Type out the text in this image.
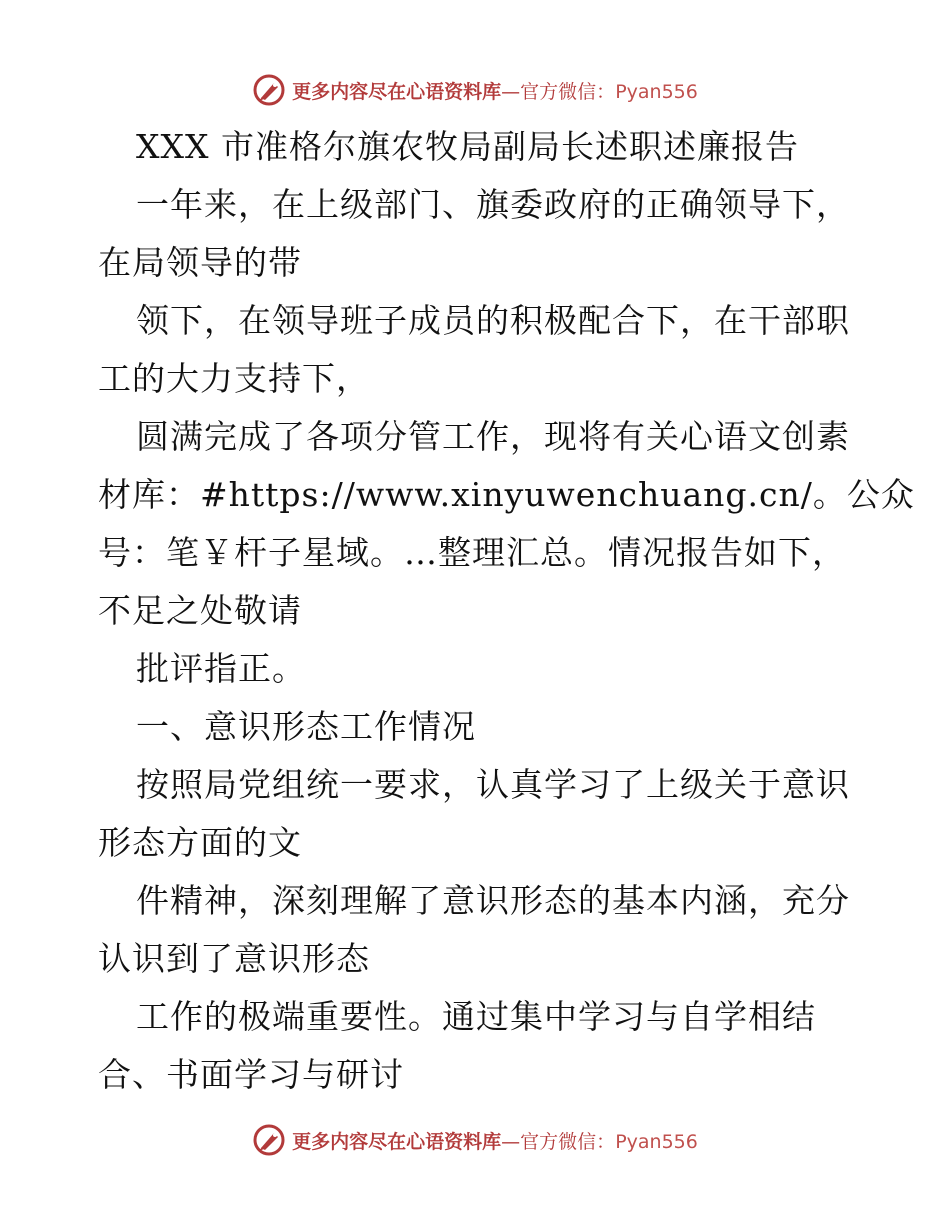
更多内容尽在心语资料库—官方微信：Pyan556
XXX 市准格尔旗农牧局副局长述职述廉报告
一年来，在上级部门、旗委政府的正确领导下，
在局领导的带
领下，在领导班子成员的积极配合下，在干部职
工的大力支持下，
圆满完成了各项分管工作，现将有关心语文创素
材库：#https://www.xinyuwenchuang.cn/。公众
号：笔￥杆子星域。…整理汇总。情况报告如下，
不足之处敬请
批评指正。
一、意识形态工作情况
按照局党组统一要求，认真学习了上级关于意识
形态方面的文
件精神，深刻理解了意识形态的基本内涵，充分
认识到了意识形态
工作的极端重要性。通过集中学习与自学相结
合、书面学习与研讨
更多内容尽在心语资料库—官方微信：Pyan556
